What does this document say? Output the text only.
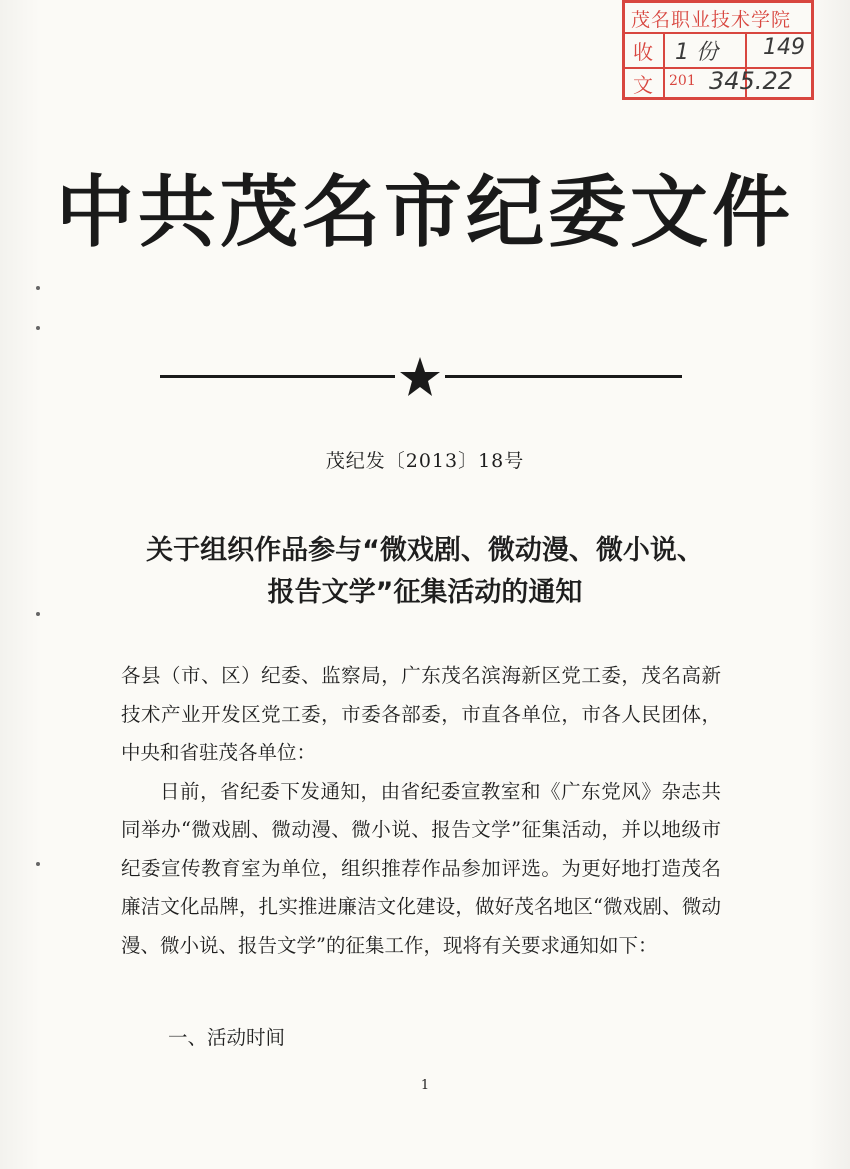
茂名职业技术学院
收
文
1 份
201
149
345.22
中共茂名市纪委文件
茂纪发〔2013〕18号
关于组织作品参与“微戏剧、微动漫、微小说、
报告文学”征集活动的通知

各县（市、区）纪委、监察局，广东茂名滨海新区党工委，茂名高新技术产业开发区党工委，市委各部委，市直各单位，市各人民团体，中央和省驻茂各单位：

日前，省纪委下发通知，由省纪委宣教室和《广东党风》杂志共同举办“微戏剧、微动漫、微小说、报告文学”征集活动，并以地级市纪委宣传教育室为单位，组织推荐作品参加评选。为更好地打造茂名廉洁文化品牌，扎实推进廉洁文化建设，做好茂名地区“微戏剧、微动漫、微小说、报告文学”的征集工作，现将有关要求通知如下：

一、活动时间
1
